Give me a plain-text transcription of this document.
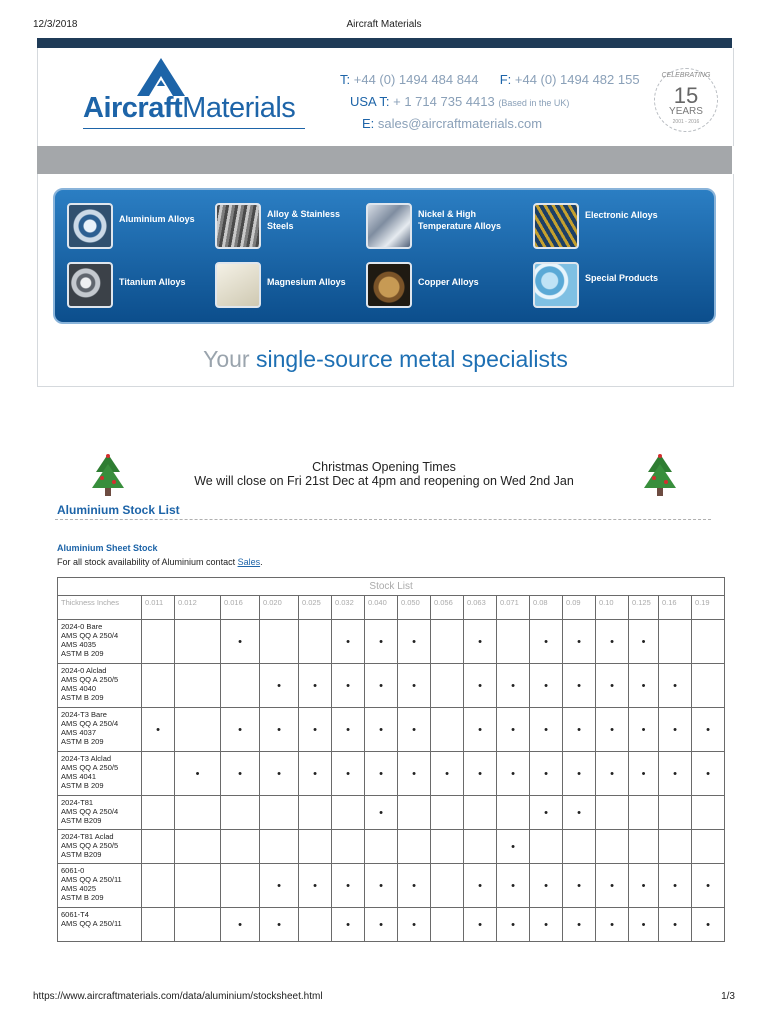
12/3/2018	Aircraft Materials
AircraftMaterials
T: +44 (0) 1494 484 844 F: +44 (0) 1494 482 155
USA T: + 1 714 735 4413 (Based in the UK)
E: sales@aircraftmaterials.com
CELEBRATING
15
YEARS
2001 - 2016
Aluminium Alloys	Alloy & Stainless Steels
Nickel & High Temperature Alloys
Electronic Alloys
Titanium Alloys	Magnesium Alloys	Copper Alloys	Special Products
Your single-source metal specialists
Christmas Opening Times
We will close on Fri 21st Dec at 4pm and reopening on Wed 2nd Jan
Aluminium Stock List
Aluminium Sheet Stock
For all stock availability of Aluminium contact Sales.
Stock List																	
Thickness Inches	0.011	0.012	0.016	0.020	0.025	0.032	0.040	0.050	0.056	0.063	0.071	0.08	0.09	0.10	0.125	0.16	0.19

2024-0 Bare
AMS QQ A 250/4
AMS 4035
ASTM B 209			•			•	•	•		•		•	•	•	•		

2024-0 Alclad
AMS QQ A 250/5
AMS 4040
ASTM B 209				•	•	•	•	•		•	•	•	•	•	•	•	

2024-T3 Bare
AMS QQ A 250/4
AMS 4037
ASTM B 209	•		•	•	•	•	•	•		•	•	•	•	•	•	•	•

2024-T3 Alclad
AMS QQ A 250/5
AMS 4041
ASTM B 209		•	•	•	•	•	•	•	•	•	•	•	•	•	•	•	•

2024-T81
AMS QQ A 250/4
ASTM B209							•					•	•				

2024-T81 Aclad
AMS QQ A 250/5
ASTM B209											•						

6061-0
AMS QQ A 250/11
AMS 4025
ASTM B 209				•	•	•	•	•		•	•	•	•	•	•	•	•

6061-T4
AMS QQ A 250/11			•	•		•	•	•		•	•	•	•	•	•	•	•
https://www.aircraftmaterials.com/data/aluminium/stocksheet.html	1/3
